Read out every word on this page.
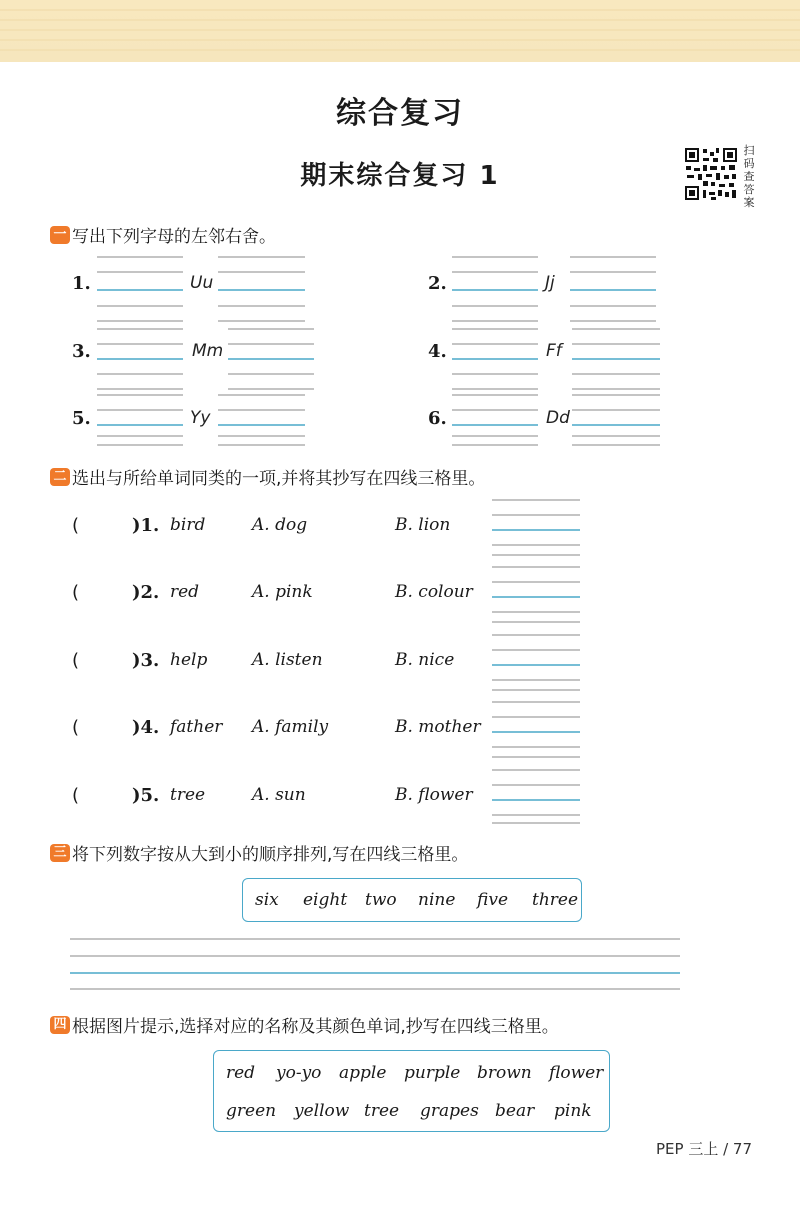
综合复习
期末综合复习 1
扫
码
查
答
案
一 写出下列字母的左邻右舍。
1.	Uu	2.	Jj
3.	Mm	4.	Ff
5.	Yy	6.	Dd
二 选出与所给单词同类的一项,并将其抄写在四线三格里。
(	)1. bird	A. dog	B. lion
(	)2. red	A. pink	B. colour
(	)3. help	A. listen	B. nice
(	)4. father A. family	B. mother
(	)5. tree	A. sun	B. flower
三 将下列数字按从大到小的顺序排列,写在四线三格里。
six eight two nine five three
四 根据图片提示,选择对应的名称及其颜色单词,抄写在四线三格里。
red yo-yo apple purple brown flower
green yellow tree grapes bear pink
PEP 三上 / 77
